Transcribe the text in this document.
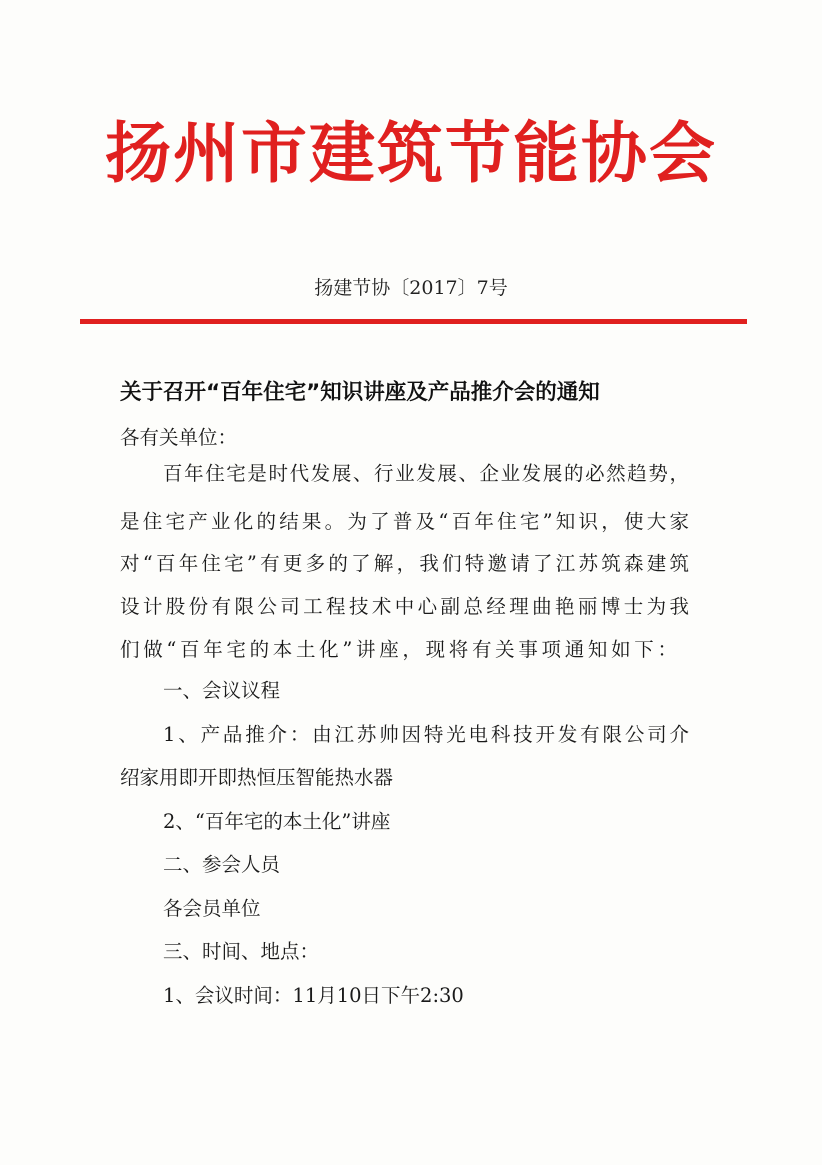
扬州市建筑节能协会
扬建节协〔2017〕7号
关于召开“百年住宅”知识讲座及产品推介会的通知
各有关单位：
百年住宅是时代发展、行业发展、企业发展的必然趋势，
是住宅产业化的结果。为了普及“百年住宅”知识，使大家
对“百年住宅”有更多的了解，我们特邀请了江苏筑森建筑
设计股份有限公司工程技术中心副总经理曲艳丽博士为我
们做“百年宅的本土化”讲座，现将有关事项通知如下：
一、会议议程
1、产品推介：由江苏帅因特光电科技开发有限公司介
绍家用即开即热恒压智能热水器
2、“百年宅的本土化”讲座
二、参会人员
各会员单位
三、时间、地点：
1、会议时间：11月10日下午2:30
